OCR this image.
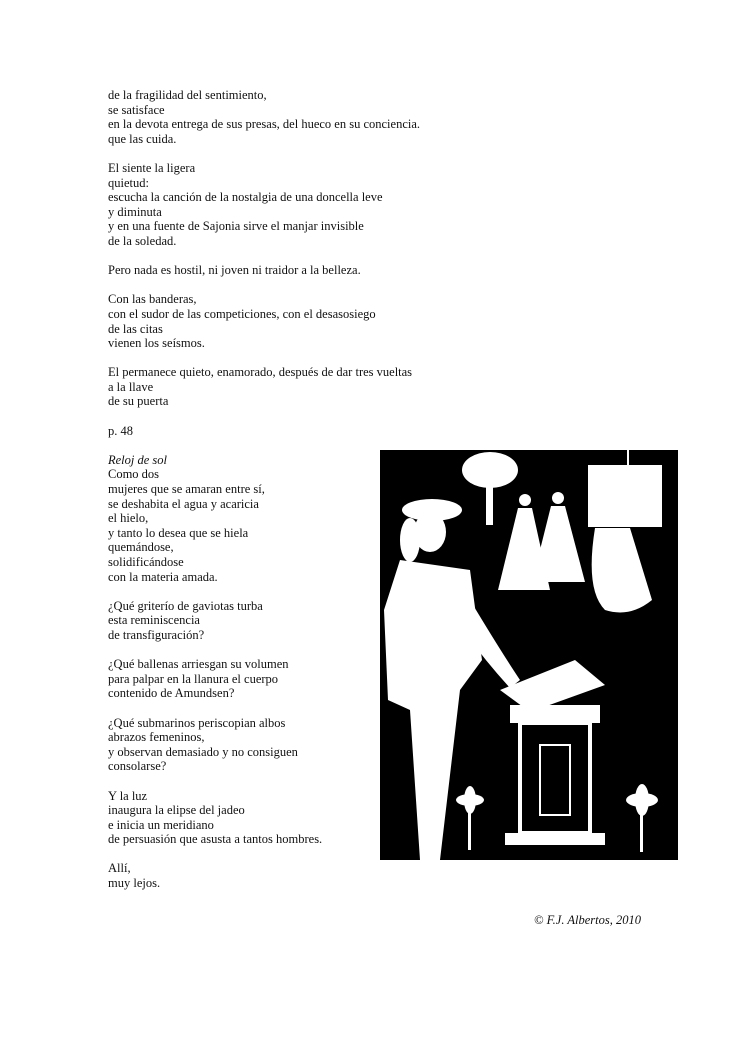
de la fragilidad del sentimiento,
se satisface
en la devota entrega de sus presas, del hueco en su conciencia.
que las cuida.
El siente la ligera
quietud:
escucha la canción de la nostalgia de una doncella leve
y diminuta
y en una fuente de Sajonia sirve el manjar invisible
de la soledad.
Pero nada es hostil, ni joven ni traidor a la belleza.
Con las banderas,
con el sudor de las competiciones, con el desasosiego
de las citas
vienen los seísmos.
El permanece quieto, enamorado, después de dar tres vueltas
a la llave
de su puerta
p. 48
Reloj de sol
Como dos
mujeres que se amaran entre sí,
se deshabita el agua y acaricia
el hielo,
y tanto lo desea que se hiela
quemándose,
solidificándose
con la materia amada.
¿Qué griterío de gaviotas turba
esta reminiscencia
de transfiguración?
¿Qué ballenas arriesgan su volumen
para palpar en la llanura el cuerpo
contenido de Amundsen?
¿Qué submarinos periscopian albos
abrazos femeninos,
y observan demasiado y no consiguen
consolarse?
Y la luz
inaugura la elipse del jadeo
e inicia un meridiano
de persuasión que asusta a tantos hombres.
Allí,
muy lejos.
© F.J. Albertos, 2010
